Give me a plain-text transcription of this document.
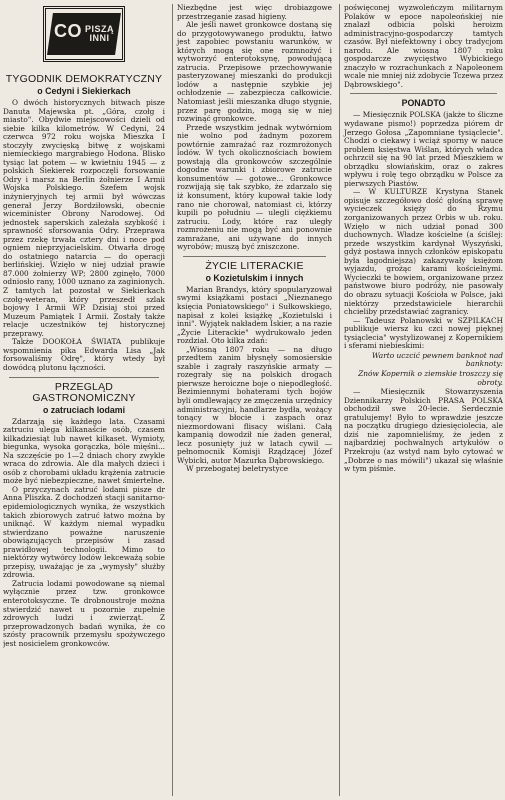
CO PISZĄ
INNI
TYGODNIK DEMOKRATYCZNY
o Cedyni i Siekierkach

O dwóch historycznych bitwach pisze Danuta Majewska pt. „Góra, czołg i miasto". Obydwie miejscowości dzieli od siebie kilka kilometrów. W Cedyni, 24 czerwca 972 roku wojska Mieszka I stoczyły zwycięską bitwę z wojskami niemieckiego margrabiego Hodona. Blisko tysiąc lat potem — w kwietniu 1945 — z polskich Siekierek rozpoczęli forsowanie Odry i marsz na Berlin żołnierze I Armii Wojska Polskiego. Szefem wojsk inżynieryjnych tej armii był wówczas generał Jerzy Bordziłowski, obecnie wiceminister Obrony Narodowej. Od jednostek saperskich zależała szybkość i sprawność sforsowania Odry. Przeprawa przez rzekę trwała cztery dni i noce pod ogniem nieprzyjacielskim. Otwarła drogę do ostatniego natarcia — do operacji berlińskiej. Wzięło w niej udział prawie 87.000 żołnierzy WP; 2800 zginęło, 7000 odniosło rany, 1000 uznano za zaginionych. Z tamtych lat pozostał w Siekierkach czołg-weteran, który przeszedł szlak bojowy I Armii WP. Dzisiaj stoi przed Muzeum Pamiątek I Armii. Zostały także relacje uczestników tej historycznej przeprawy.

Także DOOKOŁA ŚWIATA publikuje wspomnienia pika Edwarda Lisa „Jak forsowaliśmy Odrę", który wtedy był dowódcą plutonu łączności.

PRZEGLĄD GASTRONOMICZNY
o zatruciach lodami

Zdarzają się każdego lata. Czasami zatruciu ulega kilkanaście osób, czasem kilkadziesiąt lub nawet kilkaset. Wymioty, biegunka, wysoka gorączka, bóle mięśni... Na szczęście po 1—2 dniach chory zwykle wraca do zdrowia. Ale dla małych dzieci i osób z chorobami układu krążenia zatrucie może być niebezpieczne, nawet śmiertelne.

O przyczynach zatruć lodami pisze dr Anna Pliszka. Z dochodzeń stacji sanitarno-epidemiologicznych wynika, że wszystkich takich zbiorowych zatruć łatwo można by uniknąć. W każdym niemal wypadku stwierdzano poważne naruszenie obowiązujących przepisów i zasad prawidłowej technologii. Mimo to niektórzy wytwórcy lodów lekceważą sobie przepisy, uważając je za „wymysły" służby zdrowia.

Zatrucia lodami powodowane są niemal wyłącznie przez tzw. gronkowce enterotoksyczne. Te drobnoustroje można stwierdzić nawet u pozornie zupełnie zdrowych ludzi i zwierząt. Z przeprowadzonych badań wynika, że co szósty pracownik przemysłu spożywczego jest nosicielem gronkowców.

Niezbędne jest więc drobiazgowe przestrzeganie zasad higieny.

Ale jeśli nawet gronkowce dostaną się do przygotowywanego produktu, łatwo jest zapobiec powstaniu warunków, w których mogą się one rozmnożyć i wytworzyć enterotoksynę, powodującą zatrucia. Przepisowe przechowywanie pasteryzowanej mieszanki do produkcji lodów a następnie szybkie jej ochłodzenie — zabezpiecza całkowicie. Natomiast jeśli mieszanka długo stygnie, przez parę godzin, mogą się w niej rozwinąć gronkowce.

Przede wszystkim jednak wytwórniom nie wolno pod żadnym pozorem powtórnie zamrażać raz rozmrożonych lodów. W tych okolicznościach bowiem powstają dla gronkowców szczególnie dogodne warunki i zbiorowe zatrucie konsumentów — gotowe... Gronkowce rozwijają się tak szybko, że zdarzało się iż konsument, który kupował takie lody rano nie chorował, natomiast ci, którzy kupili po południu — ulegli ciężkiemu zatruciu. Lody, które raz uległy rozmrożeniu nie mogą być ani ponownie zamrażane, ani używane do innych wyrobów; muszą być zniszczone.

ŻYCIE LITERACKIE
o Kozietulskim i innych

Marian Brandys, który spopularyzował swymi książkami postaci „Nieznanego księcia Poniatowskiego" i Sułkowskiego, napisał z kolei książkę „Kozietulski i inni". Wyjątek nakładem Iskier, a na razie „Życie Literackie" wydrukowało jeden rozdział. Oto kilka zdań:

„Wiosną 1807 roku — na długo przedtem zanim błysnęły somosierskie szable i zagrały raszyńskie armaty — rozegrały się na polskich drogach pierwsze heroiczne boje o niepodległość. Bezimiennymi bohaterami tych bojów byli omdlewający ze zmęczenia urzędnicy administracyjni, handlarze bydła, wożący tonący w błocie i zaspach oraz niezmordowani flisacy wiślani. Całą kampanią dowodził nie żaden generał, lecz posunięty już w latach cywil — pełnomocnik Komisji Rządzącej Józef Wybicki, autor Mazurka Dąbrowskiego.

W przebogatej beletrystyce

poświęconej wyzwoleńczym militarnym Polaków w epoce napoleońskiej nie znalazł odbicia polski heroizm administracyjno-gospodarczy tamtych czasów. Był niefektowny i obcy tradycjom narodu. Ale wiosną 1807 roku gospodarcze zwycięstwo Wybickiego znaczyło w rozrachunkach z Napoleonem wcale nie mniej niż zdobycie Tczewa przez Dąbrowskiego".

PONADTO

— Miesięcznik POLSKA (jakże to śliczne wydawane pismo!) poprzedza piórem dr Jerzego Gołosa „Zapomniane tysiąclecie". Chodzi o ciekawy i wciąż sporny w nauce problem księstwa Wiślan, których władca ochrzcił się na 90 lat przed Mieszkiem w obrządku słowiańskim, oraz o zakres wpływu i rolę tego obrządku w Polsce za pierwszych Piastów.

— W KULTURZE Krystyna Stanek opisuje szczegółowo dość głośną sprawę wycieczek księży do Rzymu zorganizowanych przez Orbis w ub. roku. Wzięło w nich udział ponad 300 duchownych. Władze kościelne (a ściślej: przede wszystkim kardynał Wyszyński, gdyż postawa innych członków episkopatu była łagodniejsza) zakazywały księżom wyjazdu, grożąc karami kościelnymi. Wycieczki te bowiem, organizowane przez państwowe biuro podróży, nie pasowały do obrazu sytuacji Kościoła w Polsce, jaki niektórzy przedstawiciele hierarchii chcieliby przedstawiać zagranicy.

— Tadeusz Polanowski w SZPILKACH publikuje wiersz ku czci nowej pięknej tysiąclecia" wystylizowanej z Kopernikiem i sferami niebieskimi:

Warto uczcić pewnem banknot nad banknoty:
Znów Kopernik o ziemskie troszczy się obroty.

— Miesięcznik Stowarzyszenia Dziennikarzy Polskich PRASA POLSKA obchodził swe 20-lecie. Serdecznie gratulujemy! Było to wprawdzie jeszcze na początku drugiego dziesięciolecia, ale dziś nie zapomnieliśmy, że jeden z najbardziej pochwalnych artykułów o Przekroju (az wstyd nam było cytować w „Dobrze o nas mówili") ukazał się właśnie w tym piśmie.
